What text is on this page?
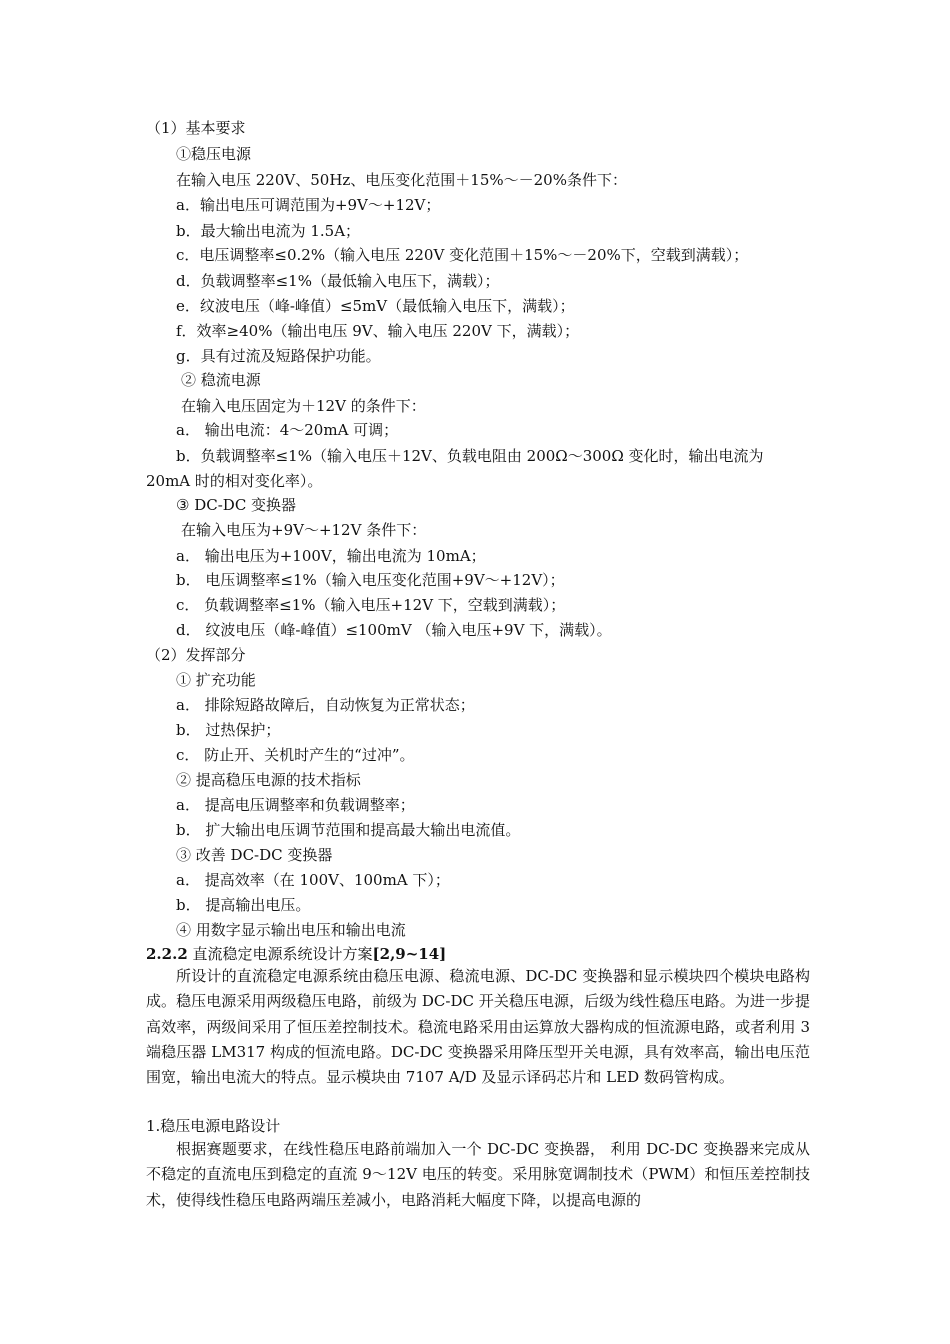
（1）基本要求
①稳压电源
在输入电压 220V、50Hz、电压变化范围＋15%～－20%条件下：
a．输出电压可调范围为+9V～+12V；
b．最大输出电流为 1.5A；
c．电压调整率≤0.2%（输入电压 220V 变化范围＋15%～－20%下，空载到满载）；
d．负载调整率≤1%（最低输入电压下，满载）；
e．纹波电压（峰-峰值）≤5mV（最低输入电压下，满载）；
f．效率≥40%（输出电压 9V、输入电压 220V 下，满载）；
g．具有过流及短路保护功能。
② 稳流电源
在输入电压固定为＋12V 的条件下：
a． 输出电流：4～20mA 可调；
b．负载调整率≤1%（输入电压＋12V、负载电阻由 200Ω～300Ω 变化时，输出电流为
20mA 时的相对变化率）。
③ DC-DC 变换器
在输入电压为+9V～+12V 条件下：
a． 输出电压为+100V，输出电流为 10mA；
b． 电压调整率≤1%（输入电压变化范围+9V～+12V）；
c． 负载调整率≤1%（输入电压+12V 下，空载到满载）；
d． 纹波电压（峰-峰值）≤100mV （输入电压+9V 下，满载）。
（2）发挥部分
① 扩充功能
a． 排除短路故障后，自动恢复为正常状态；
b． 过热保护；
c． 防止开、关机时产生的“过冲”。
② 提高稳压电源的技术指标
a． 提高电压调整率和负载调整率；
b． 扩大输出电压调节范围和提高最大输出电流值。
③ 改善 DC-DC 变换器
a． 提高效率（在 100V、100mA 下）；
b． 提高输出电压。
④ 用数字显示输出电压和输出电流
2.2.2 直流稳定电源系统设计方案[2,9~14]

所设计的直流稳定电源系统由稳压电源、稳流电源、DC-DC 变换器和显示模块四个模块电路构成。稳压电源采用两级稳压电路，前级为 DC-DC 开关稳压电源，后级为线性稳压电路。为进一步提高效率，两级间采用了恒压差控制技术。稳流电路采用由运算放大器构成的恒流源电路，或者利用 3 端稳压器 LM317 构成的恒流电路。DC-DC 变换器采用降压型开关电源，具有效率高，输出电压范围宽，输出电流大的特点。显示模块由 7107 A/D 及显示译码芯片和 LED 数码管构成。

1.稳压电源电路设计

根据赛题要求，在线性稳压电路前端加入一个 DC-DC 变换器， 利用 DC-DC 变换器来完成从不稳定的直流电压到稳定的直流 9～12V 电压的转变。采用脉宽调制技术（PWM）和恒压差控制技术，使得线性稳压电路两端压差减小，电路消耗大幅度下降，以提高电源的
